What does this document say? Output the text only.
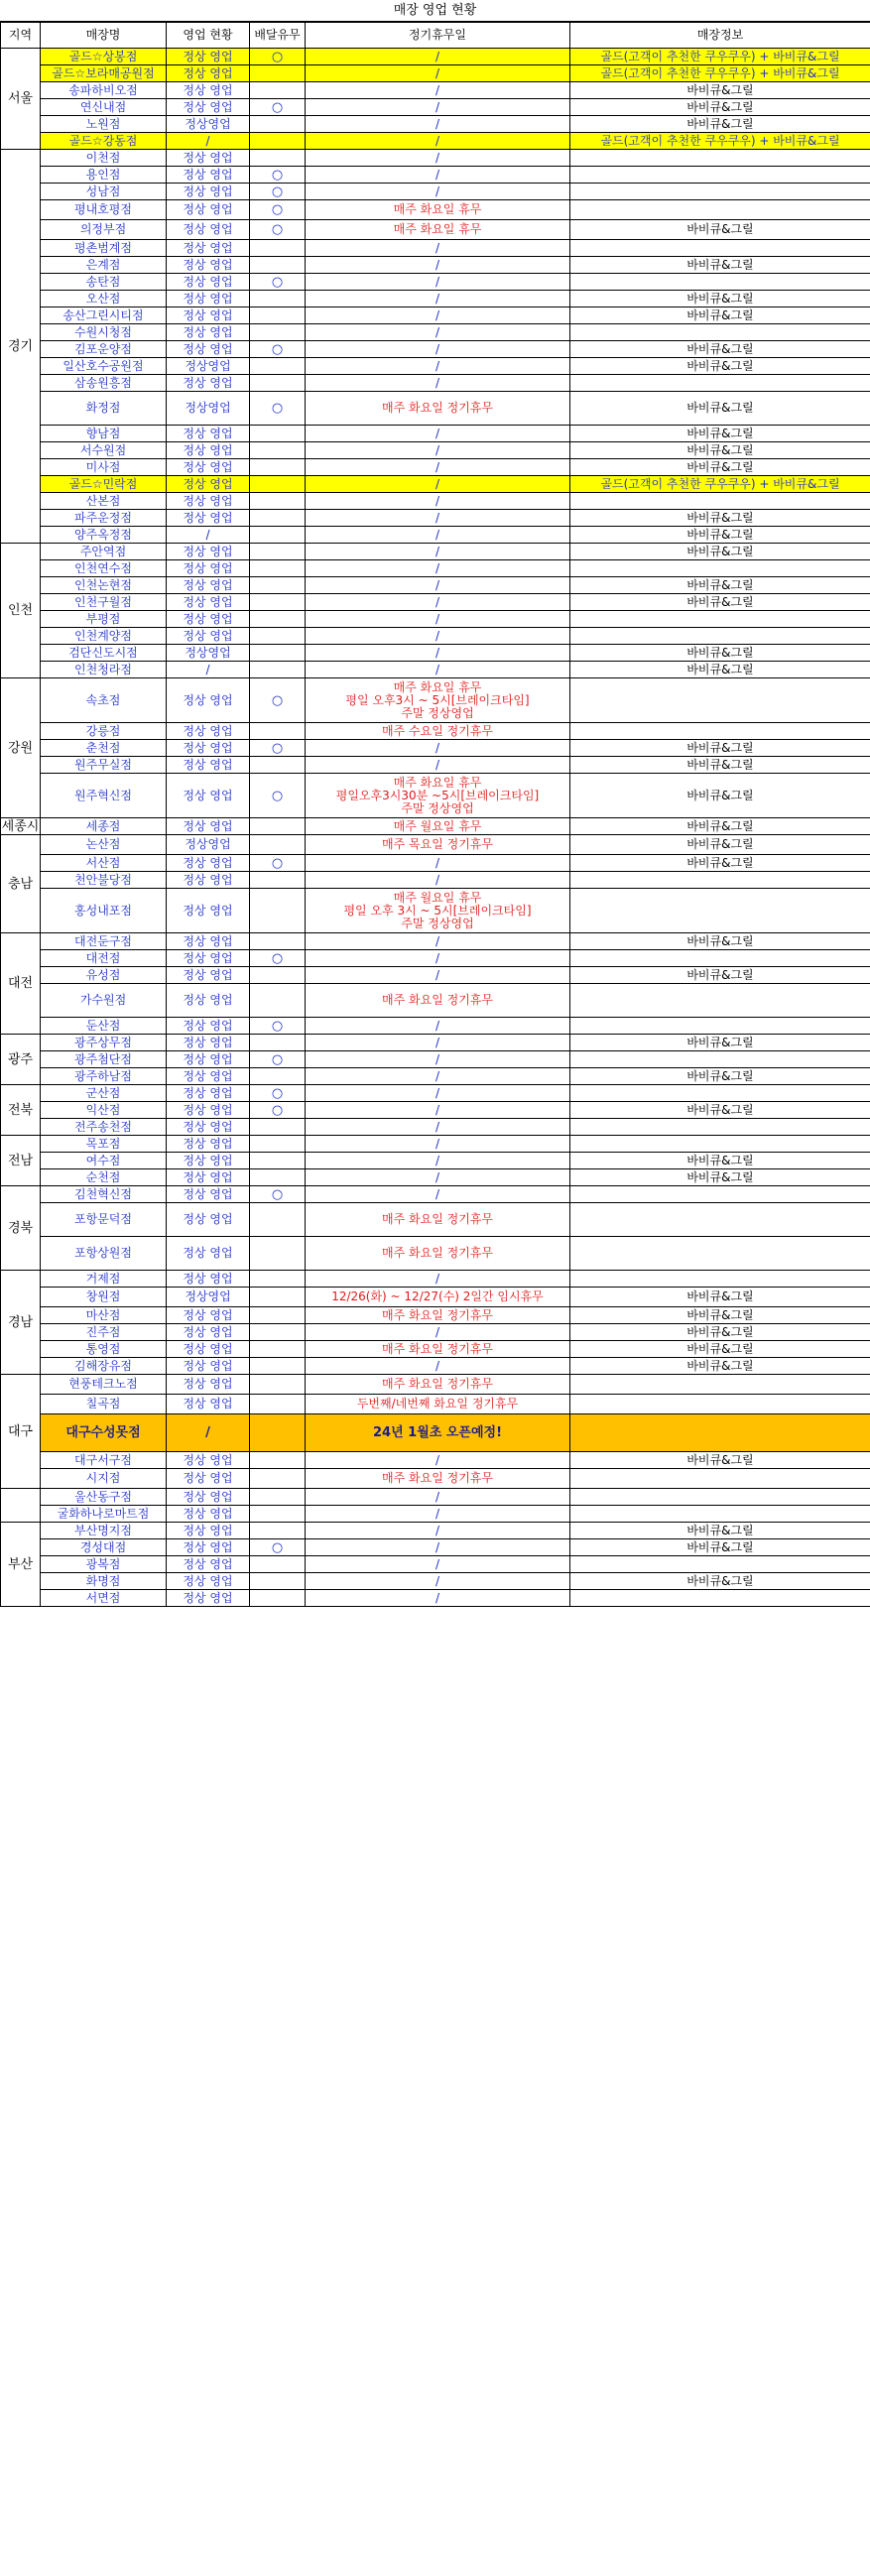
매장 영업 현황
지역	매장명	영업 현황	배달유무	정기휴무일	매장정보
서울	골드☆상봉점	정상 영업	○	/	골드(고객이 추천한 쿠우쿠우) + 바비큐&그릴
	골드☆보라매공원점	정상 영업		/	골드(고객이 추천한 쿠우쿠우) + 바비큐&그릴
	송파하비오점	정상 영업		/	바비큐&그릴
	연신내점	정상 영업	○	/	바비큐&그릴
	노원점	정상영업		/	바비큐&그릴
	골드☆강동점	/		/	골드(고객이 추천한 쿠우쿠우) + 바비큐&그릴
경기	이천점	정상 영업		/	
	용인점	정상 영업	○	/	
	성남점	정상 영업	○	/	
	평내호평점	정상 영업	○	매주 화요일 휴무	
	의정부점	정상 영업	○	매주 화요일 휴무	바비큐&그릴
	평촌범계점	정상 영업		/	
	은계점	정상 영업		/	바비큐&그릴
	송탄점	정상 영업	○	/	
	오산점	정상 영업		/	바비큐&그릴
	송산그린시티점	정상 영업		/	바비큐&그릴
	수원시청점	정상 영업		/	
	김포운양점	정상 영업	○	/	바비큐&그릴
	일산호수공원점	정상영업		/	바비큐&그릴
	삼송원흥점	정상 영업		/	
	화정점	정상영업	○	매주 화요일 정기휴무	바비큐&그릴
	향남점	정상 영업		/	바비큐&그릴
	서수원점	정상 영업		/	바비큐&그릴
	미사점	정상 영업		/	바비큐&그릴
	골드☆민락점	정상 영업		/	골드(고객이 추천한 쿠우쿠우) + 바비큐&그릴
	산본점	정상 영업		/	
	파주운정점	정상 영업		/	바비큐&그릴
	양주옥정점	/		/	바비큐&그릴
인천	주안역점	정상 영업		/	바비큐&그릴
	인천연수점	정상 영업		/	
	인천논현점	정상 영업		/	바비큐&그릴
	인천구월점	정상 영업		/	바비큐&그릴
	부평점	정상 영업		/	
	인천계양점	정상 영업		/	
	검단신도시점	정상영업		/	바비큐&그릴
	인천청라점	/		/	바비큐&그릴
강원	속초점	정상 영업	○	매주 화요일 휴무
평일 오후3시 ~ 5시[브레이크타임]
주말 정상영업	

	강릉점	정상 영업		매주 수요일 정기휴무	
	춘천점	정상 영업	○	/	바비큐&그릴
	원주무실점	정상 영업		/	바비큐&그릴
	원주혁신점	정상 영업	○	매주 화요일 휴무
평일오후3시30분 ~5시[브레이크타임]
주말 정상영업	바비큐&그릴
세종시	세종점	정상 영업		매주 월요일 휴무	바비큐&그릴
충남	논산점	정상영업		매주 목요일 정기휴무	바비큐&그릴
	서산점	정상 영업	○	/	바비큐&그릴
	천안불당점	정상 영업		/	
	홍성내포점	정상 영업		매주 월요일 휴무
평일 오후 3시 ~ 5시[브레이크타임]
주말 정상영업	

대전	대전둔구점	정상 영업		/	바비큐&그릴
	대전점	정상 영업	○	/	
	유성점	정상 영업		/	바비큐&그릴
	가수원점	정상 영업		매주 화요일 정기휴무	
	둔산점	정상 영업	○	/	
광주	광주상무점	정상 영업		/	바비큐&그릴
	광주첨단점	정상 영업	○	/	
	광주하남점	정상 영업		/	바비큐&그릴
전북	군산점	정상 영업	○	/	
	익산점	정상 영업	○	/	바비큐&그릴
	전주송천점	정상 영업		/	
전남	목포점	정상 영업		/	
	여수점	정상 영업		/	바비큐&그릴
	순천점	정상 영업		/	바비큐&그릴
경북	김천혁신점	정상 영업	○	/	
	포항문덕점	정상 영업		매주 화요일 정기휴무	
	포항상원점	정상 영업		매주 화요일 정기휴무	
경남	거제점	정상 영업		/	
	창원점	정상영업		12/26(화) ~ 12/27(수) 2일간 임시휴무	바비큐&그릴
	마산점	정상 영업		매주 화요일 정기휴무	바비큐&그릴
	진주점	정상 영업		/	바비큐&그릴
	통영점	정상 영업		매주 화요일 정기휴무	바비큐&그릴
	김해장유점	정상 영업		/	바비큐&그릴
대구	현풍테크노점	정상 영업		매주 화요일 정기휴무	
	칠곡점	정상 영업		두번째/네번째 화요일 정기휴무	
	대구수성못점	/		24년 1월초 오픈예정!	
	대구서구점	정상 영업		/	바비큐&그릴
	시지점	정상 영업		매주 화요일 정기휴무	
	울산동구점	정상 영업		/	
	굴화하나로마트점	정상 영업		/	
부산	부산명지점	정상 영업		/	바비큐&그릴
	경성대점	정상 영업	○	/	바비큐&그릴
	광복점	정상 영업		/	
	화명점	정상 영업		/	바비큐&그릴
	서면점	정상 영업		/	
